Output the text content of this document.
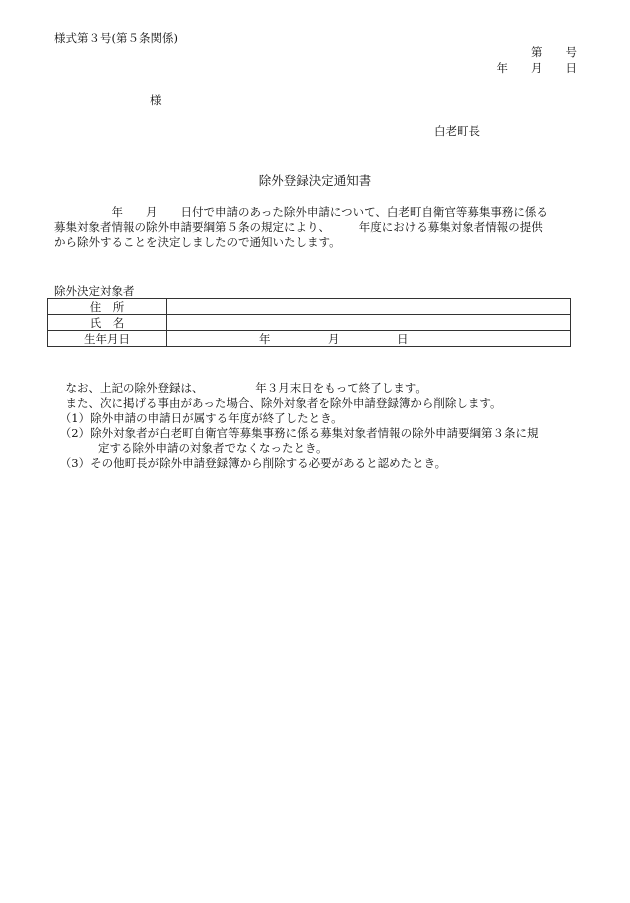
様式第３号(第５条関係)
第　　号
年　　月　　日
様
白老町長
除外登録決定通知書
　　　　　年　　月　　日付で申請のあった除外申請について、白老町自衛官等募集事務に係る
募集対象者情報の除外申請要綱第５条の規定により、　　　年度における募集対象者情報の提供
から除外することを決定しましたので通知いたします。
除外決定対象者
住　所	
氏　名	
生年月日	　　　　　　　　年　　　　　月　　　　　日
　なお、上記の除外登録は、　　　　　年３月末日をもって終了します。
　また、次に掲げる事由があった場合、除外対象者を除外申請登録簿から削除します。
　（1）除外申請の申請日が属する年度が終了したとき。
　（2）除外対象者が白老町自衛官等募集事務に係る募集対象者情報の除外申請要綱第３条に規
定する除外申請の対象者でなくなったとき。
　（3）その他町長が除外申請登録簿から削除する必要があると認めたとき。
